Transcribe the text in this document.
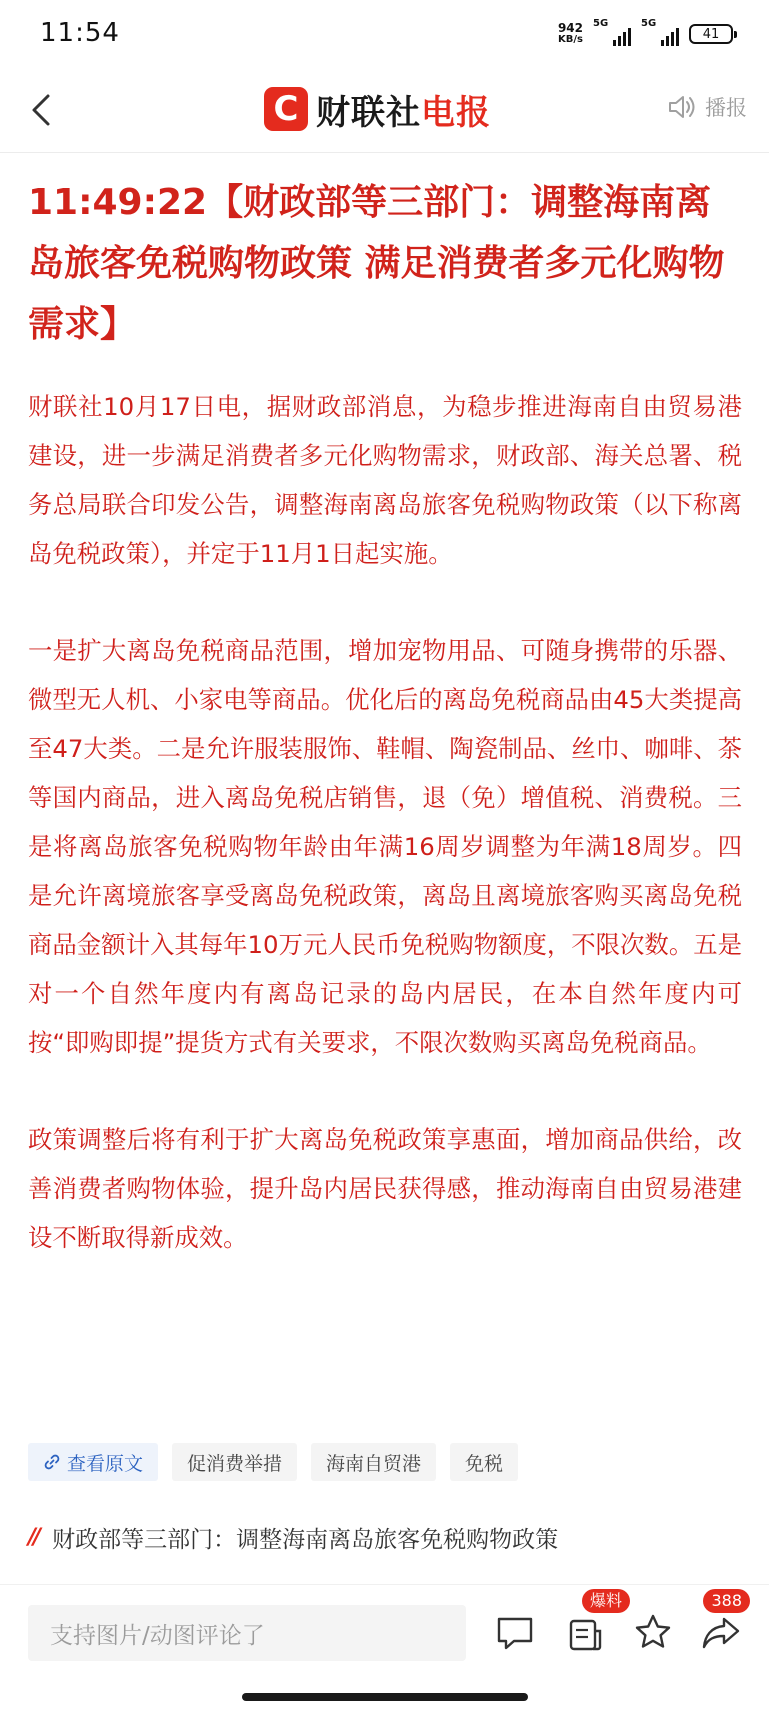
11:54	942
KB/s
5G	5G
41
C 财联社电报	播报
11:49:22【财政部等三部门：调整海南离岛旅客免税购物政策 满足消费者多元化购物需求】

财联社10月17日电，据财政部消息，为稳步推进海南自由贸易港建设，进一步满足消费者多元化购物需求，财政部、海关总署、税务总局联合印发公告，调整海南离岛旅客免税购物政策（以下称离岛免税政策），并定于11月1日起实施。

一是扩大离岛免税商品范围，增加宠物用品、可随身携带的乐器、微型无人机、小家电等商品。优化后的离岛免税商品由45大类提高至47大类。二是允许服装服饰、鞋帽、陶瓷制品、丝巾、咖啡、茶等国内商品，进入离岛免税店销售，退（免）增值税、消费税。三是将离岛旅客免税购物年龄由年满16周岁调整为年满18周岁。四是允许离境旅客享受离岛免税政策，离岛且离境旅客购买离岛免税商品金额计入其每年10万元人民币免税购物额度，不限次数。五是对一个自然年度内有离岛记录的岛内居民，在本自然年度内可按“即购即提”提货方式有关要求，不限次数购买离岛免税商品。

政策调整后将有利于扩大离岛免税政策享惠面，增加商品供给，改善消费者购物体验，提升岛内居民获得感，推动海南自由贸易港建设不断取得新成效。

查看原文	促消费举措	海南自贸港	免税
// 财政部等三部门：调整海南离岛旅客免税购物政策
支持图片/动图评论了
爆料	388
